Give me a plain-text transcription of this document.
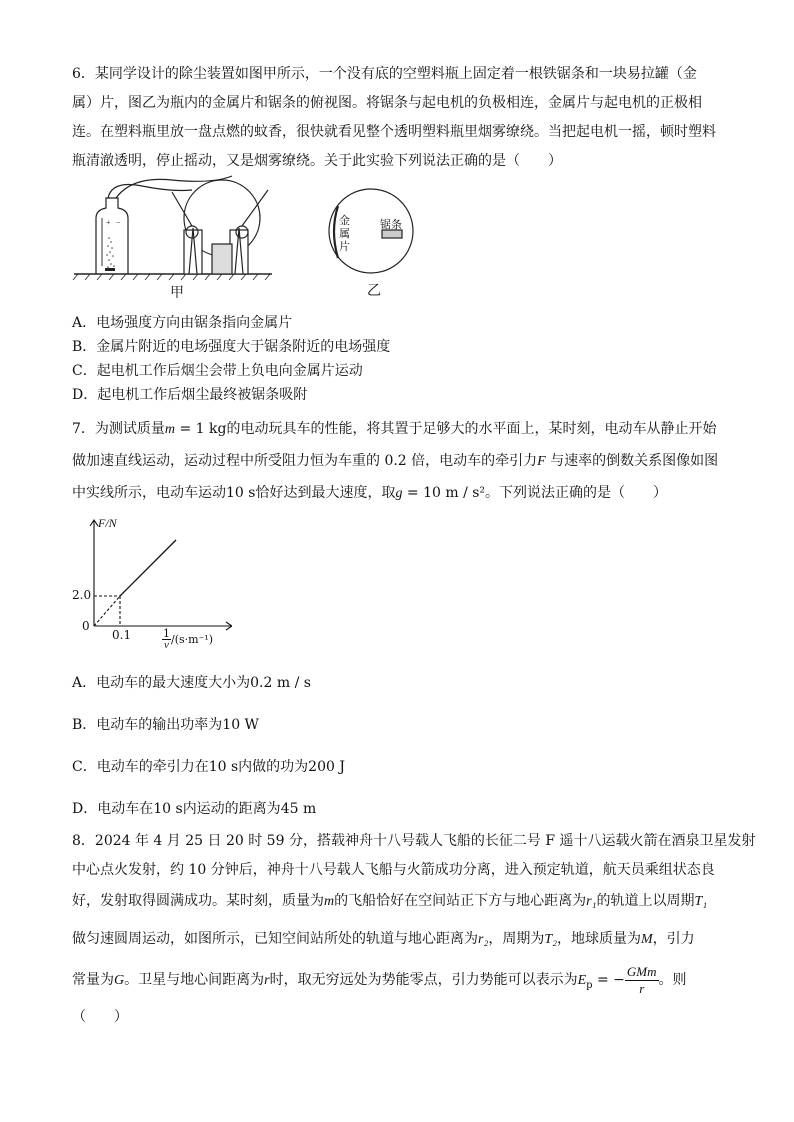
6．某同学设计的除尘装置如图甲所示，一个没有底的空塑料瓶上固定着一根铁锯条和一块易拉罐（金
属）片，图乙为瓶内的金属片和锯条的俯视图。将锯条与起电机的负极相连，金属片与起电机的正极相
连。在塑料瓶里放一盘点燃的蚊香，很快就看见整个透明塑料瓶里烟雾缭绕。当把起电机一摇，顿时塑料
瓶清澈透明，停止摇动，又是烟雾缭绕。关于此实验下列说法正确的是（　　）
+ −
甲
金
属
片
锯条
乙
A．电场强度方向由锯条指向金属片
B．金属片附近的电场强度大于锯条附近的电场强度
C．起电机工作后烟尘会带上负电向金属片运动
D．起电机工作后烟尘最终被锯条吸附
7．为测试质量m = 1 kg的电动玩具车的性能，将其置于足够大的水平面上，某时刻，电动车从静止开始
做加速直线运动，运动过程中所受阻力恒为车重的 0.2 倍，电动车的牵引力F 与速率的倒数关系图像如图
中实线所示，电动车运动10 s恰好达到最大速度，取g = 10 m / s²。下列说法正确的是（　　）
F/N
2.0
0
0.1	1
v /(s·m⁻¹)
A．电动车的最大速度大小为0.2 m / s
B．电动车的输出功率为10 W
C．电动车的牵引力在10 s内做的功为200 J
D．电动车在10 s内运动的距离为45 m
8．2024 年 4 月 25 日 20 时 59 分，搭载神舟十八号载人飞船的长征二号 F 遥十八运载火箭在酒泉卫星发射
中心点火发射，约 10 分钟后，神舟十八号载人飞船与火箭成功分离，进入预定轨道，航天员乘组状态良
好，发射取得圆满成功。某时刻，质量为m的飞船恰好在空间站正下方与地心距离为r₁的轨道上以周期T₁
做匀速圆周运动，如图所示，已知空间站所处的轨道与地心距离为r₂，周期为T₂，地球质量为M，引力
常量为G。卫星与地心间距离为r时，取无穷远处为势能零点，引力势能可以表示为$E_p$ = −
GMm
r 。则
（　　）
